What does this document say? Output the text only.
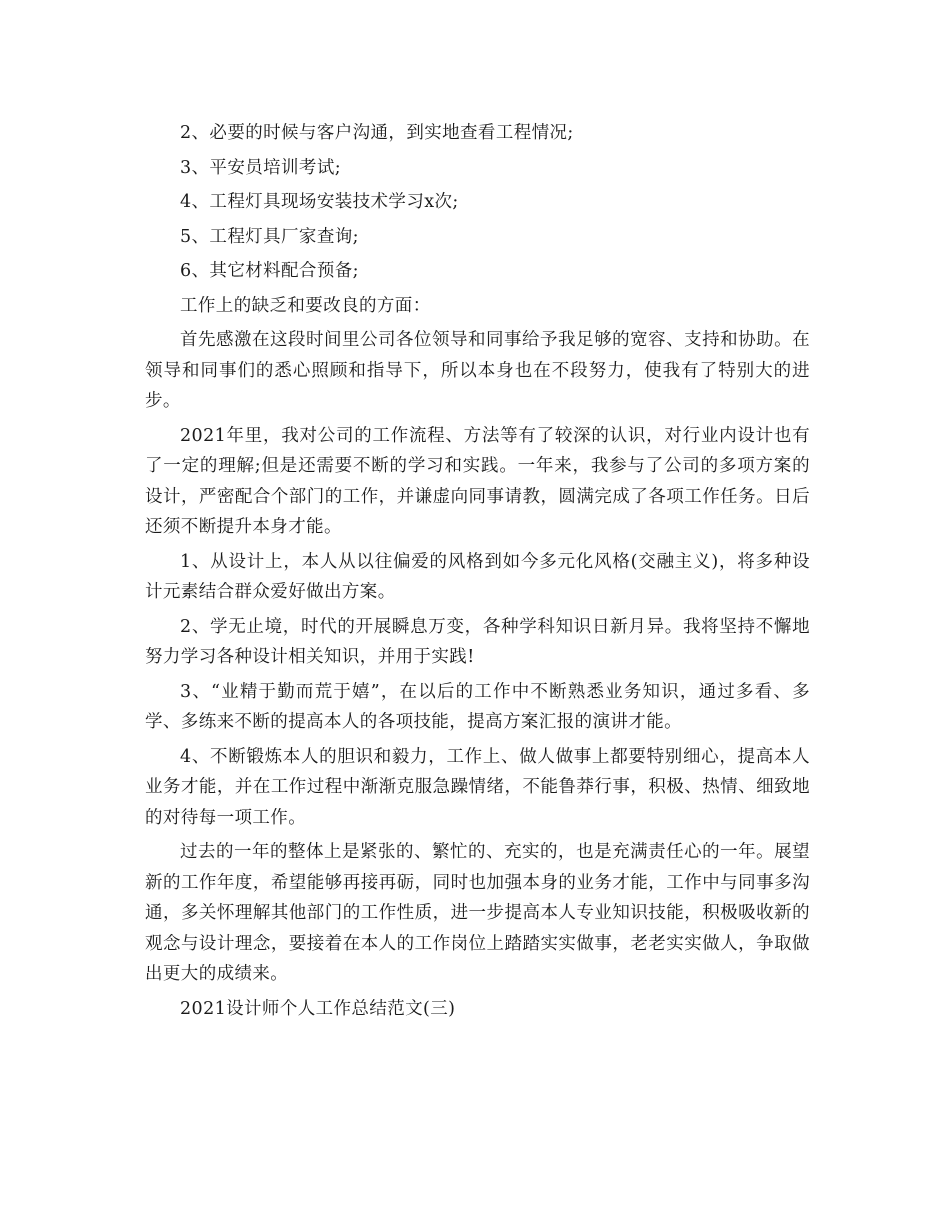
2、必要的时候与客户沟通，到实地查看工程情况;

3、平安员培训考试;

4、工程灯具现场安装技术学习x次;

5、工程灯具厂家查询;

6、其它材料配合预备;

工作上的缺乏和要改良的方面：

首先感激在这段时间里公司各位领导和同事给予我足够的宽容、支持和协助。在领导和同事们的悉心照顾和指导下，所以本身也在不段努力，使我有了特别大的进步。

2021年里，我对公司的工作流程、方法等有了较深的认识，对行业内设计也有了一定的理解;但是还需要不断的学习和实践。一年来，我参与了公司的多项方案的设计，严密配合个部门的工作，并谦虚向同事请教，圆满完成了各项工作任务。日后还须不断提升本身才能。

1、从设计上，本人从以往偏爱的风格到如今多元化风格(交融主义)，将多种设计元素结合群众爱好做出方案。

2、学无止境，时代的开展瞬息万变，各种学科知识日新月异。我将坚持不懈地努力学习各种设计相关知识，并用于实践!

3、“业精于勤而荒于嬉”，在以后的工作中不断熟悉业务知识，通过多看、多学、多练来不断的提高本人的各项技能，提高方案汇报的演讲才能。

4、不断锻炼本人的胆识和毅力，工作上、做人做事上都要特别细心，提高本人业务才能，并在工作过程中渐渐克服急躁情绪，不能鲁莽行事，积极、热情、细致地的对待每一项工作。

过去的一年的整体上是紧张的、繁忙的、充实的，也是充满责任心的一年。展望新的工作年度，希望能够再接再砺，同时也加强本身的业务才能，工作中与同事多沟通，多关怀理解其他部门的工作性质，进一步提高本人专业知识技能，积极吸收新的观念与设计理念，要接着在本人的工作岗位上踏踏实实做事，老老实实做人，争取做出更大的成绩来。

2021设计师个人工作总结范文(三)
